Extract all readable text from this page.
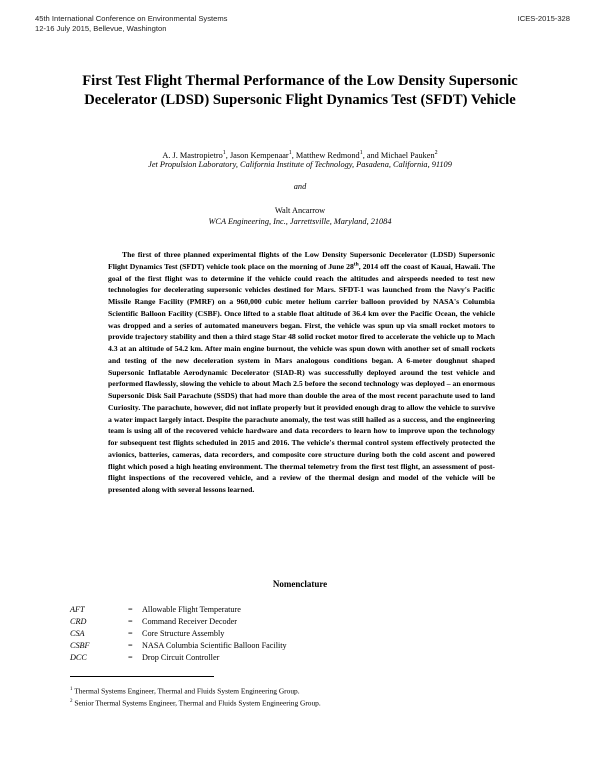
45th International Conference on Environmental Systems
12-16 July 2015, Bellevue, Washington
ICES-2015-328
First Test Flight Thermal Performance of the Low Density Supersonic Decelerator (LDSD) Supersonic Flight Dynamics Test (SFDT) Vehicle
A. J. Mastropietro$^1$, Jason Kempenaar$^1$, Matthew Redmond$^1$, and Michael Pauken$^2$
Jet Propulsion Laboratory, California Institute of Technology, Pasadena, California, 91109
and
Walt Ancarrow
WCA Engineering, Inc., Jarrettsville, Maryland, 21084

The first of three planned experimental flights of the Low Density Supersonic Decelerator (LDSD) Supersonic Flight Dynamics Test (SFDT) vehicle took place on the morning of June 28th, 2014 off the coast of Kauai, Hawaii. The goal of the first flight was to determine if the vehicle could reach the altitudes and airspeeds needed to test new technologies for decelerating supersonic vehicles destined for Mars. SFDT-1 was launched from the Navy's Pacific Missile Range Facility (PMRF) on a 960,000 cubic meter helium carrier balloon provided by NASA's Columbia Scientific Balloon Facility (CSBF). Once lifted to a stable float altitude of 36.4 km over the Pacific Ocean, the vehicle was dropped and a series of automated maneuvers began. First, the vehicle was spun up via small rocket motors to provide trajectory stability and then a third stage Star 48 solid rocket motor fired to accelerate the vehicle up to Mach 4.3 at an altitude of 54.2 km. After main engine burnout, the vehicle was spun down with another set of small rockets and testing of the new deceleration system in Mars analogous conditions began. A 6-meter doughnut shaped Supersonic Inflatable Aerodynamic Decelerator (SIAD-R) was successfully deployed around the test vehicle and performed flawlessly, slowing the vehicle to about Mach 2.5 before the second technology was deployed – an enormous Supersonic Disk Sail Parachute (SSDS) that had more than double the area of the most recent parachute used to land Curiosity. The parachute, however, did not inflate properly but it provided enough drag to allow the vehicle to survive a water impact largely intact. Despite the parachute anomaly, the test was still hailed as a success, and the engineering team is using all of the recovered vehicle hardware and data recorders to learn how to improve upon the technology for subsequent test flights scheduled in 2015 and 2016. The vehicle's thermal control system effectively protected the avionics, batteries, cameras, data recorders, and composite core structure during both the cold ascent and powered flight which posed a high heating environment. The thermal telemetry from the first test flight, an assessment of post-flight inspections of the recovered vehicle, and a review of the thermal design and model of the vehicle will be presented along with several lessons learned.

Nomenclature
AFT	= Allowable Flight Temperature
CRD	= Command Receiver Decoder
CSA	= Core Structure Assembly
CSBF	= NASA Columbia Scientific Balloon Facility
DCC	= Drop Circuit Controller
$^1$ Thermal Systems Engineer, Thermal and Fluids System Engineering Group.
$^2$ Senior Thermal Systems Engineer, Thermal and Fluids System Engineering Group.
